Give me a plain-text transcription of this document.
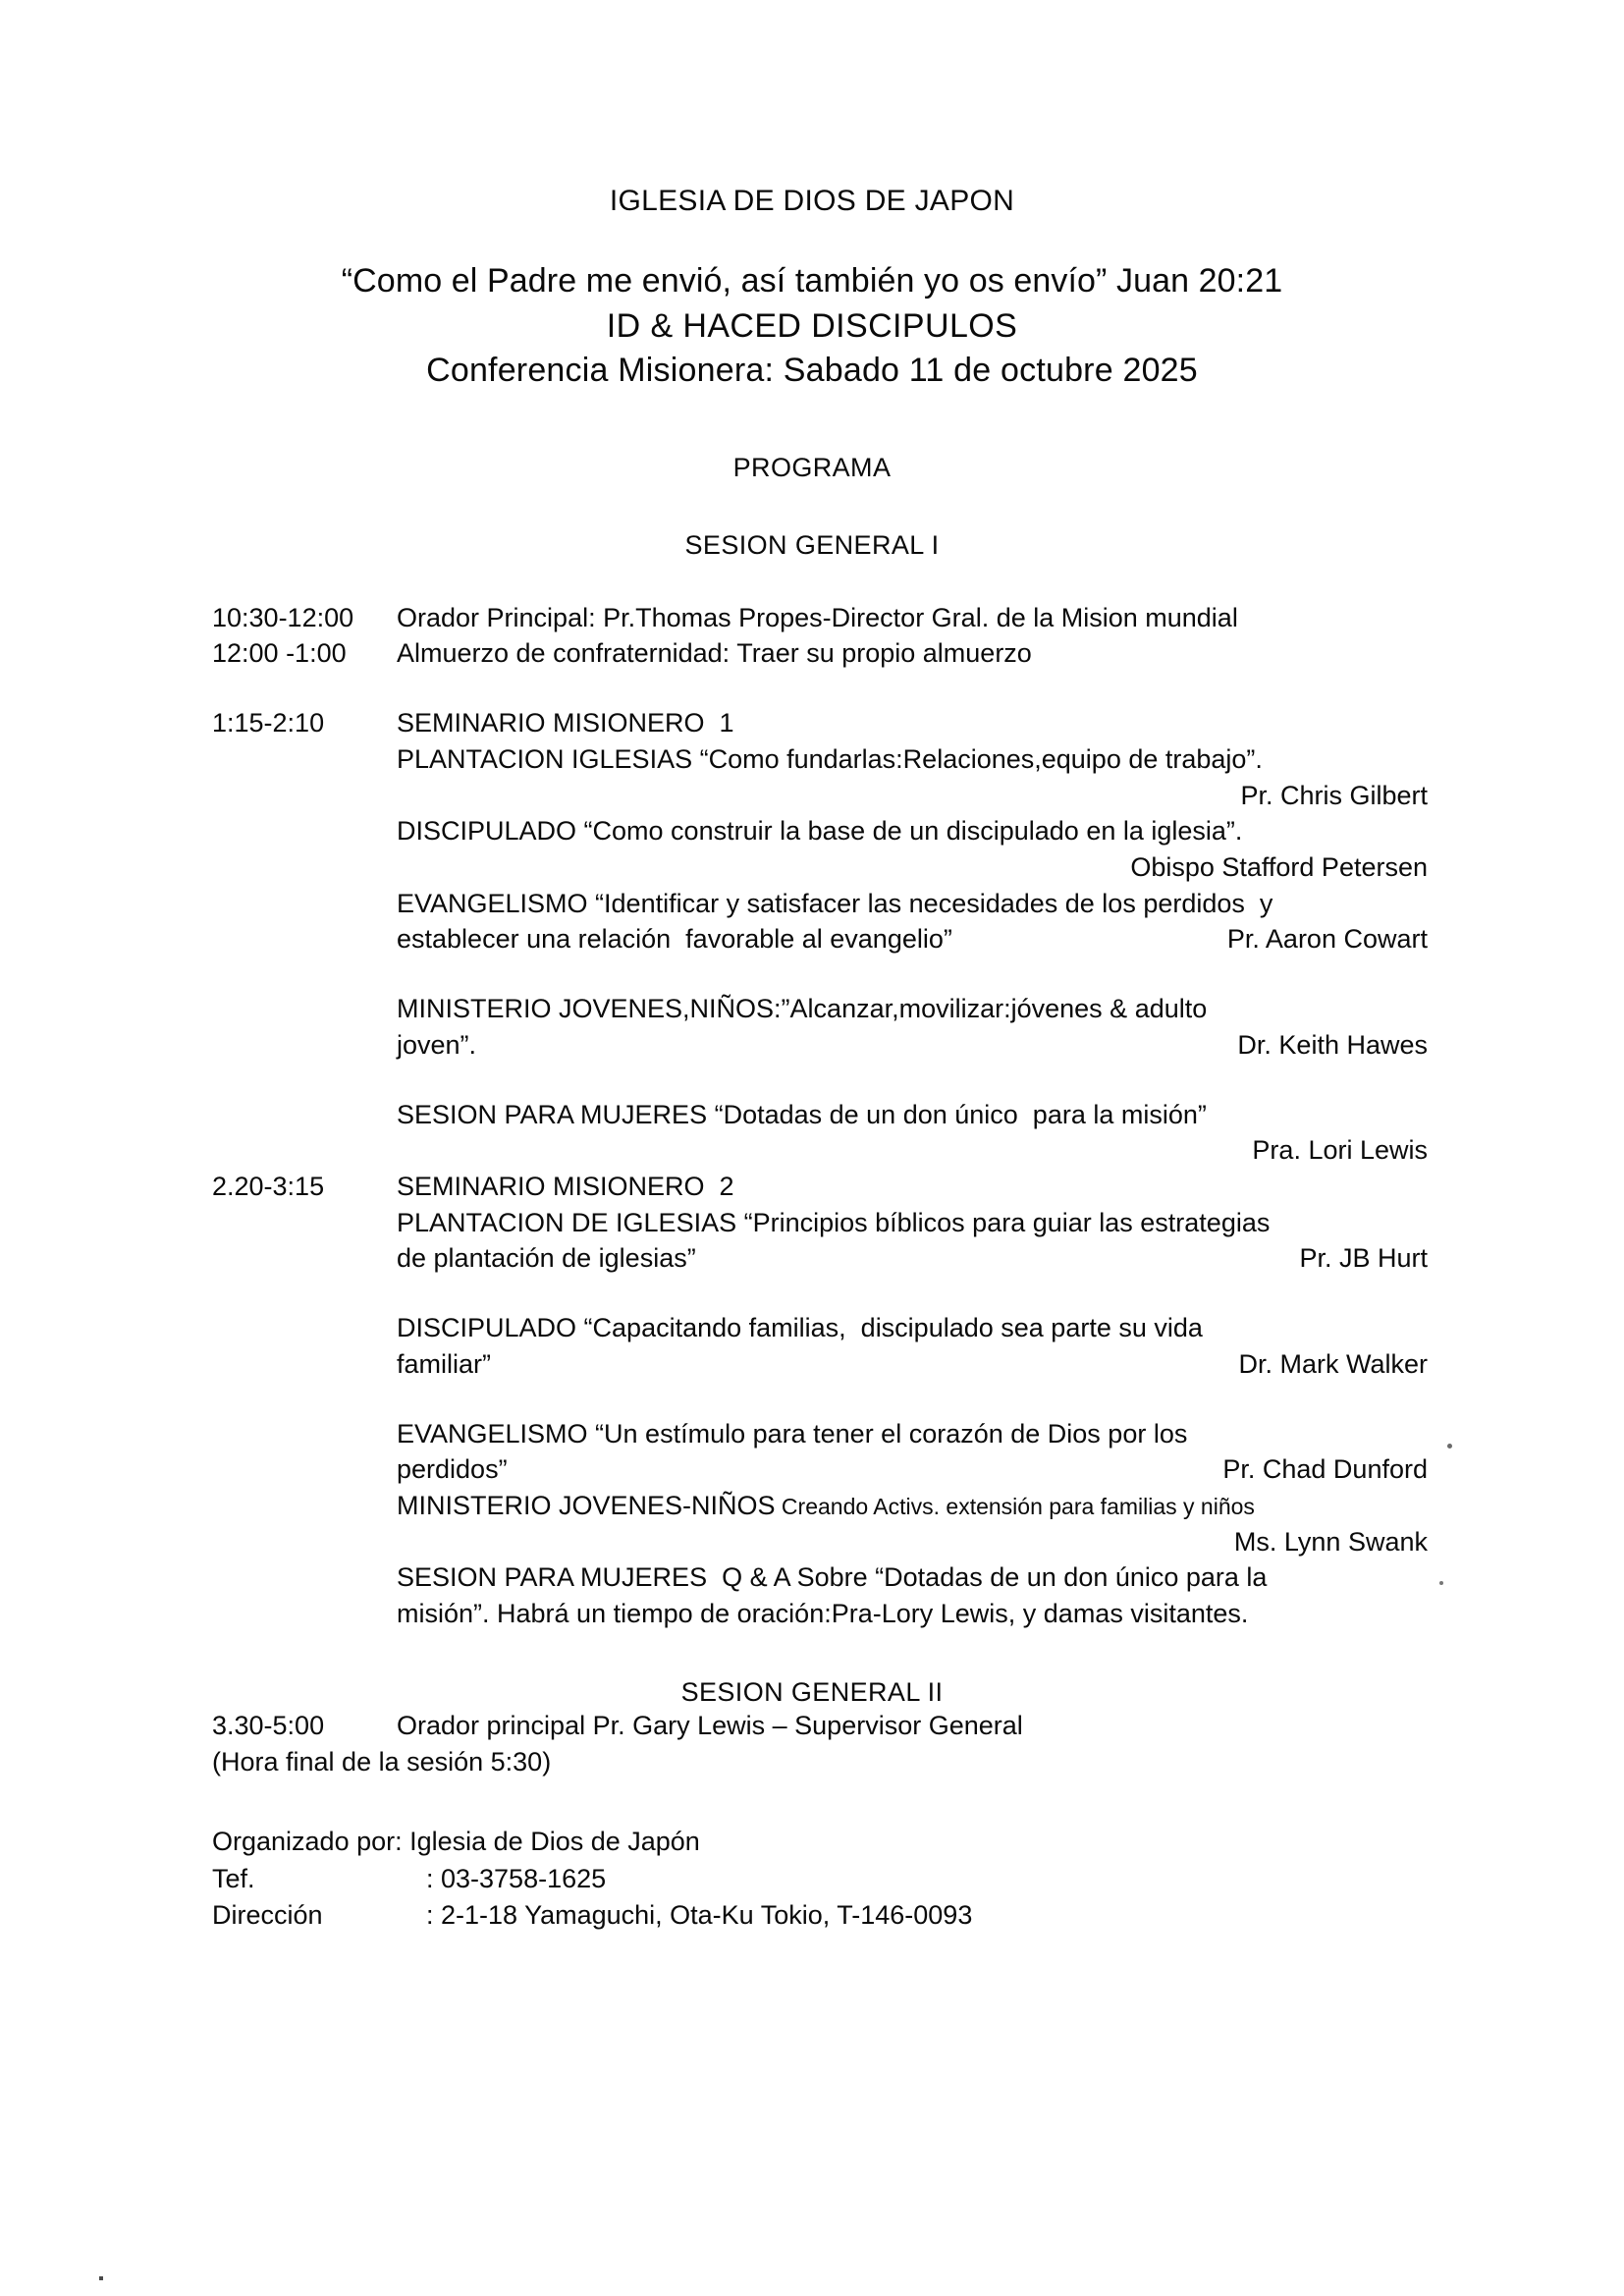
IGLESIA DE DIOS DE JAPON
“Como el Padre me envió, así también yo os envío” Juan 20:21
ID & HACED DISCIPULOS
Conferencia Misionera: Sabado 11 de octubre 2025
PROGRAMA
SESION GENERAL I
10:30-12:00	Orador Principal: Pr.Thomas Propes-Director Gral. de la Mision mundial
12:00 -1:00	Almuerzo de confraternidad: Traer su propio almuerzo
1:15-2:10	SEMINARIO MISIONERO  1
PLANTACION IGLESIAS “Como fundarlas:Relaciones,equipo de trabajo”.
Pr. Chris Gilbert
DISCIPULADO “Como construir la base de un discipulado en la iglesia”.
Obispo Stafford Petersen
EVANGELISMO “Identificar y satisfacer las necesidades de los perdidos  y
establecer una relación  favorable al evangelio”	Pr. Aaron Cowart
MINISTERIO JOVENES,NIÑOS:”Alcanzar,movilizar:jóvenes & adulto
joven”.	Dr. Keith Hawes
SESION PARA MUJERES “Dotadas de un don único  para la misión”
Pra. Lori Lewis
2.20-3:15	SEMINARIO MISIONERO  2
PLANTACION DE IGLESIAS “Principios bíblicos para guiar las estrategias
de plantación de iglesias”	Pr. JB Hurt
DISCIPULADO “Capacitando familias,  discipulado sea parte su vida
familiar”	Dr. Mark Walker
EVANGELISMO “Un estímulo para tener el corazón de Dios por los
perdidos”	Pr. Chad Dunford
MINISTERIO JOVENES-NIÑOS Creando Activs. extensión para familias y niños
Ms. Lynn Swank
SESION PARA MUJERES  Q & A Sobre “Dotadas de un don único para la
misión”. Habrá un tiempo de oración:Pra-Lory Lewis, y damas visitantes.
SESION GENERAL II
3.30-5:00	Orador principal Pr. Gary Lewis – Supervisor General
(Hora final de la sesión 5:30)
Organizado por: Iglesia de Dios de Japón
Tef.	: 03-3758-1625
Dirección	: 2-1-18 Yamaguchi, Ota-Ku Tokio, T-146-0093
